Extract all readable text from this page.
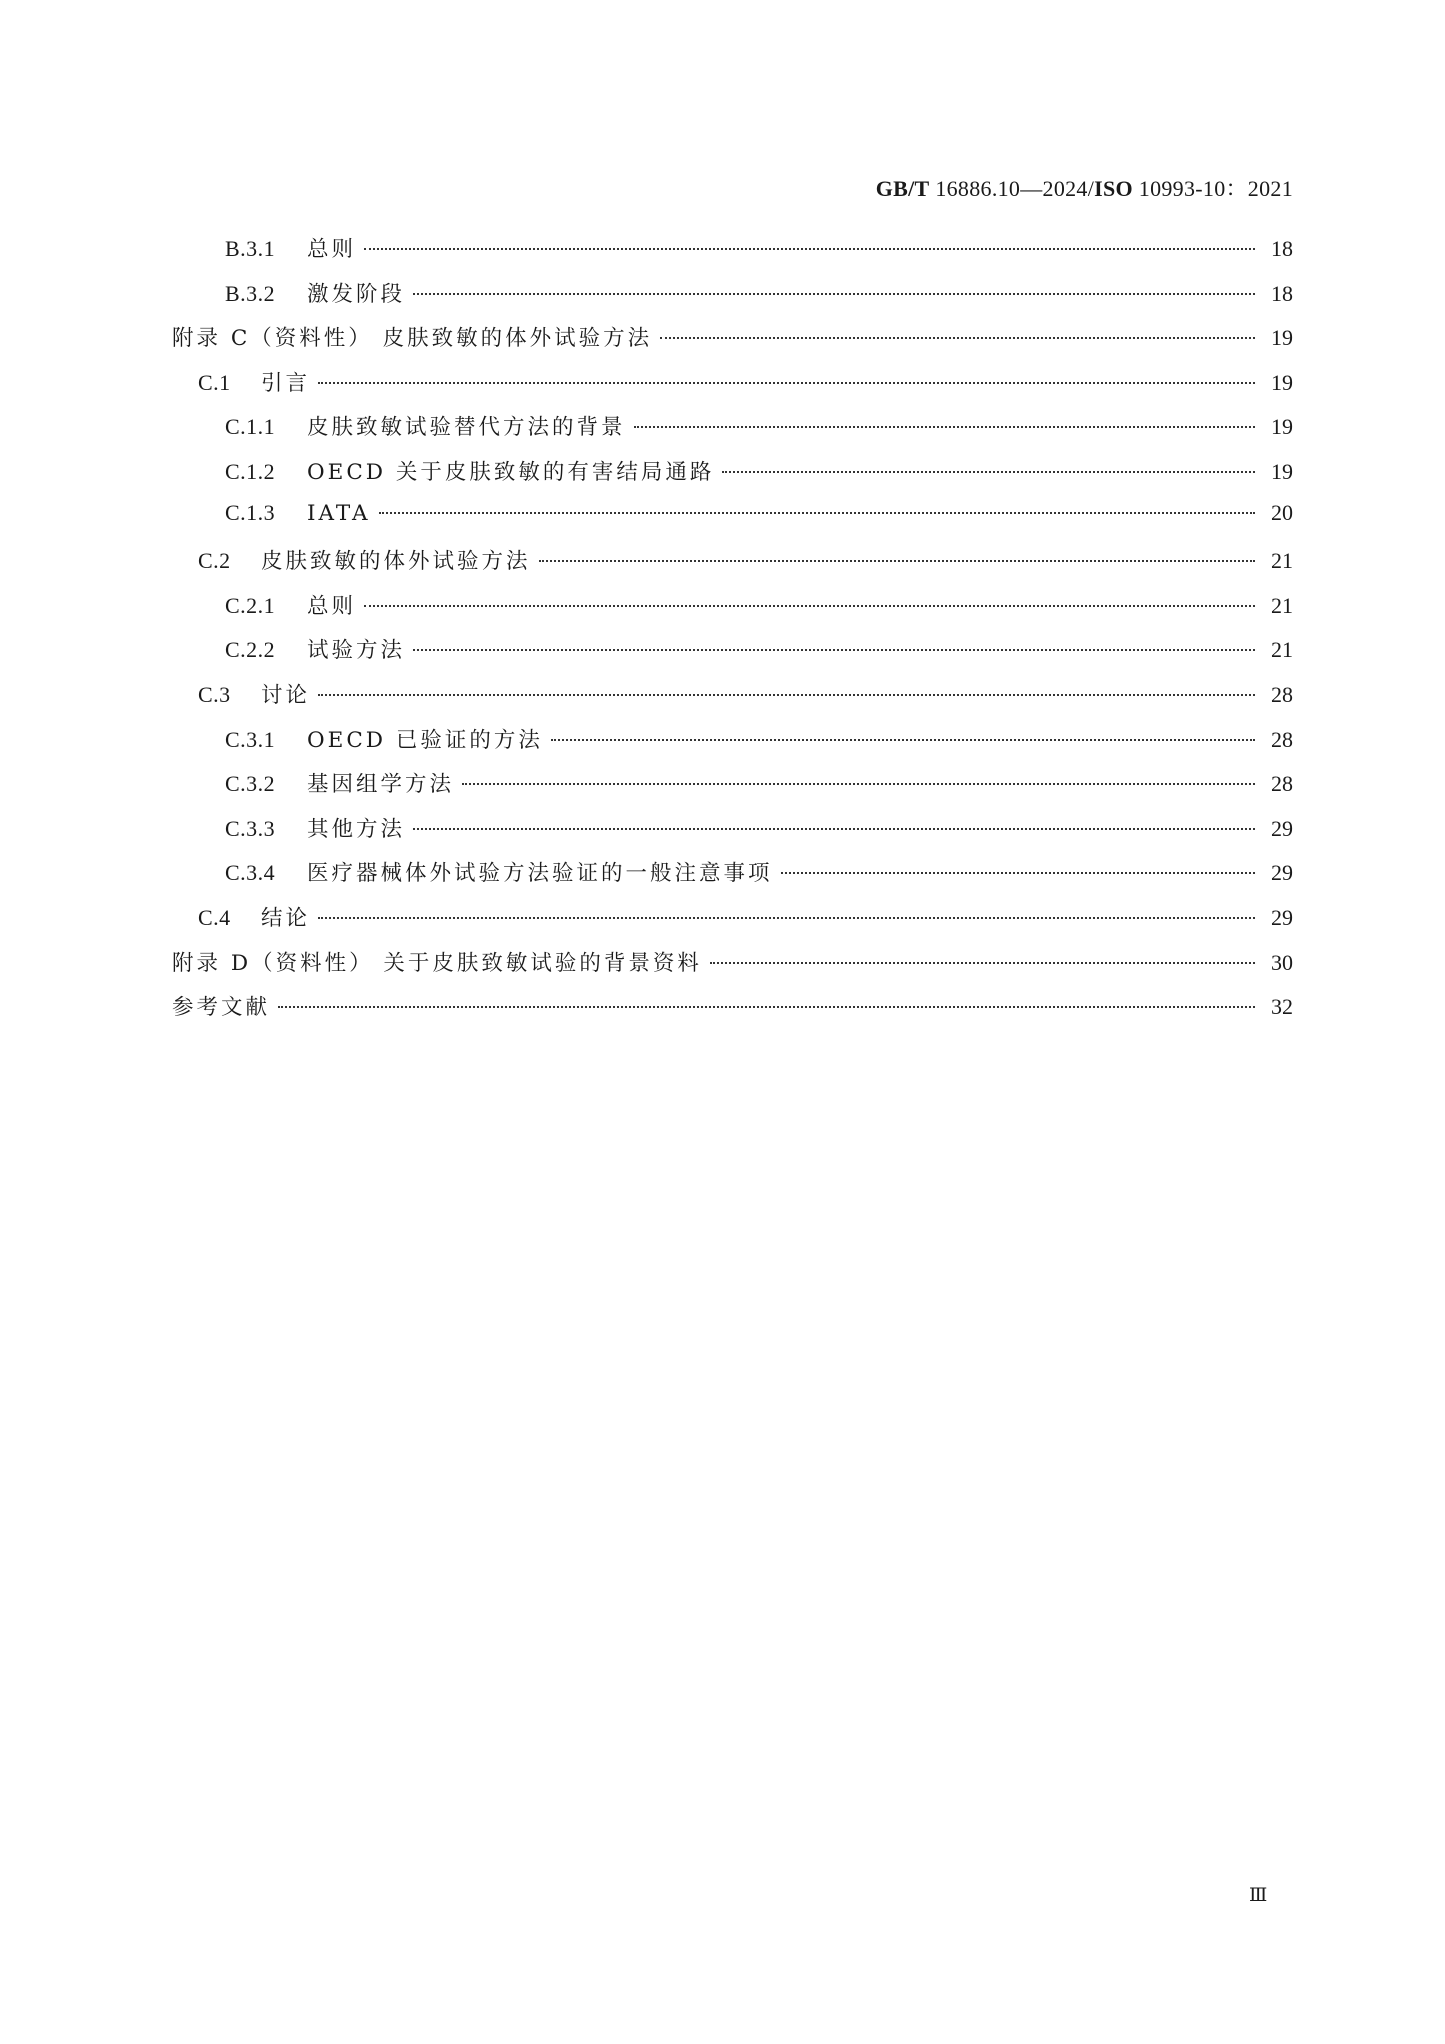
GB/T 16886.10—2024/ISO 10993-10：2021
B.3.1	总则	18
B.3.2	激发阶段	18
附录 C（资料性） 皮肤致敏的体外试验方法	19
C.1	引言	19
C.1.1	皮肤致敏试验替代方法的背景	19
C.1.2	OECD 关于皮肤致敏的有害结局通路	19
C.1.3	IATA	20
C.2	皮肤致敏的体外试验方法	21
C.2.1	总则	21
C.2.2	试验方法	21
C.3	讨论	28
C.3.1	OECD 已验证的方法	28
C.3.2	基因组学方法	28
C.3.3	其他方法	29
C.3.4	医疗器械体外试验方法验证的一般注意事项	29
C.4	结论	29
附录 D（资料性） 关于皮肤致敏试验的背景资料	30
参考文献	32
Ⅲ
